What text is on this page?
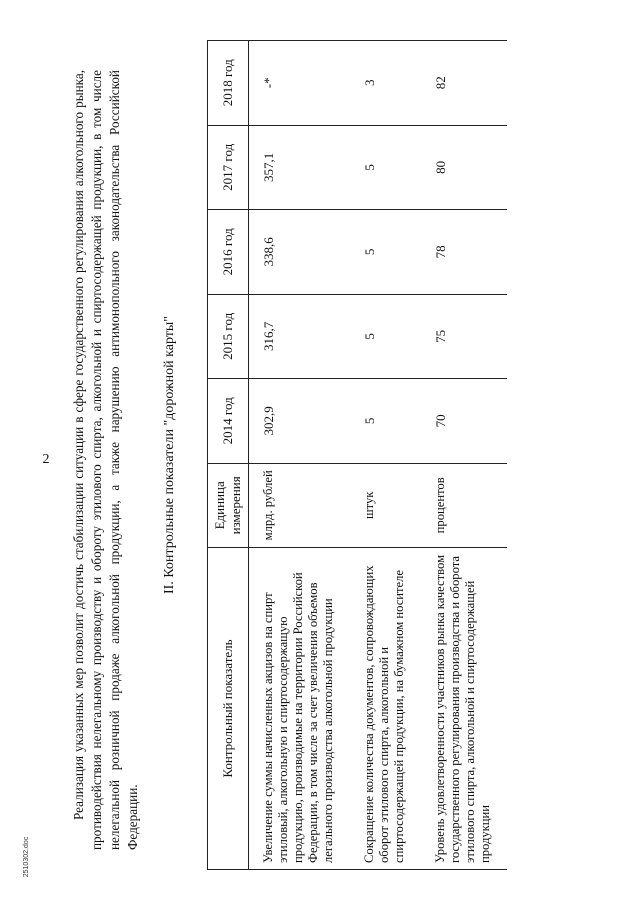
2
2510302.doc

Реализация указанных мер позволит достичь стабилизации ситуации в сфере государственного регулирования алкогольного рынка, противодействия нелегальному производству и обороту этилового спирта, алкогольной и спиртосодержащей продукции, в том числе нелегальной розничной продаже алкогольной продукции, а также нарушению антимонопольного законодательства Российской Федерации.

II. Контрольные показатели "дорожной карты"
Контрольный показатель	Единица измерения	2014 год	2015 год	2016 год	2017 год	2018 год
Увеличение суммы начисленных акцизов на спирт этиловый, алкогольную и спиртосодержащую продукцию, производимые на территории Российской Федерации, в том числе за счет увеличения объемов легального производства алкогольной продукции	млрд. рублей	302,9	316,7	338,6	357,1	-*
Сокращение количества документов, сопровождающих оборот этилового спирта, алкогольной и спиртосодержащей продукции, на бумажном носителе	штук	5	5	5	5	3
Уровень удовлетворенности участников рынка качеством государственного регулирования производства и оборота этилового спирта, алкогольной и спиртосодержащей продукции	процентов	70	75	78	80	82
